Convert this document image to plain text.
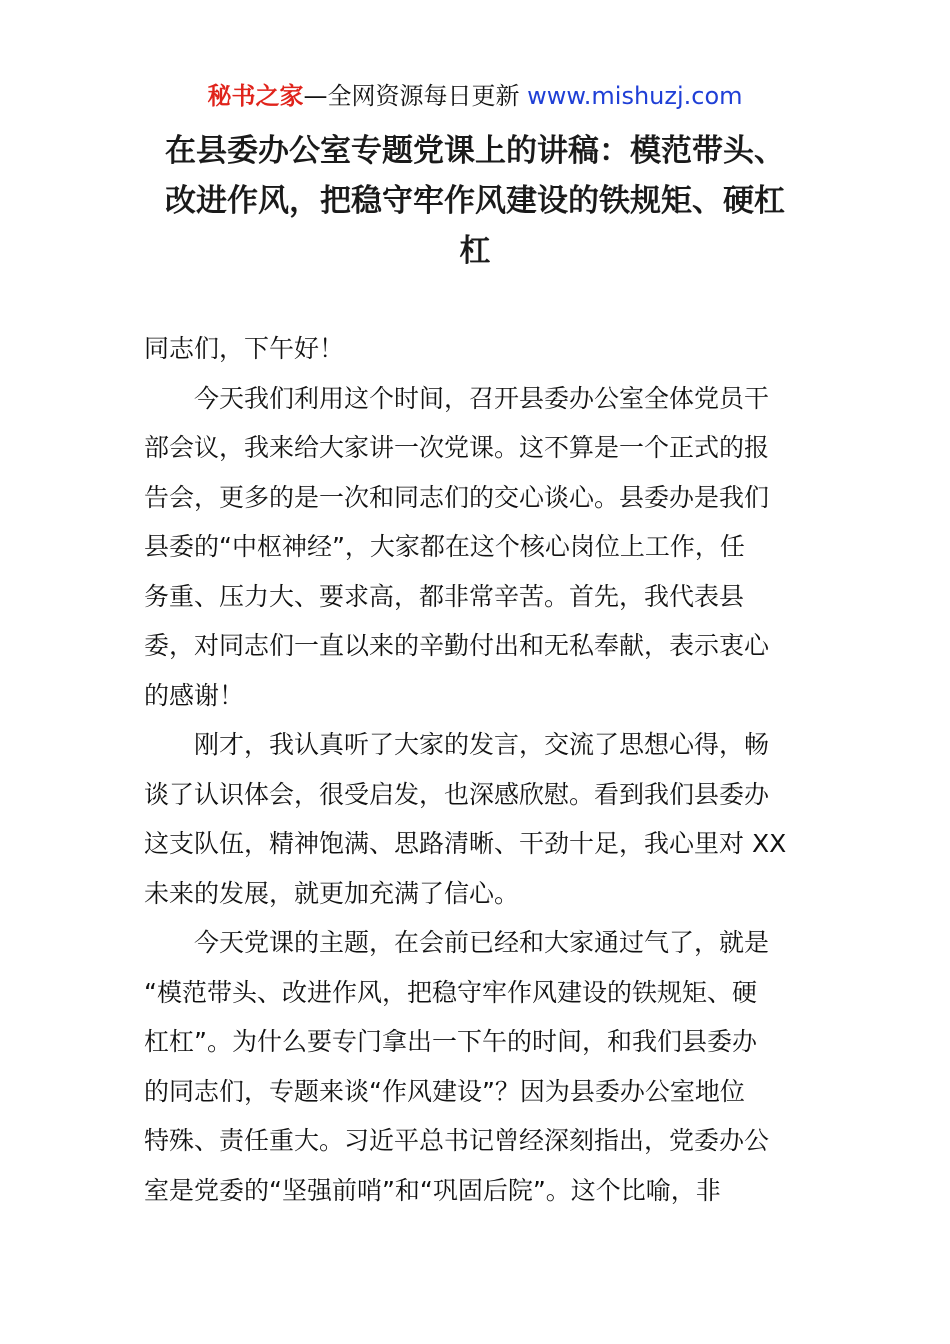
秘书之家—全网资源每日更新 www.mishuzj.com
在县委办公室专题党课上的讲稿：模范带头、
改进作风，把稳守牢作风建设的铁规矩、硬杠
杠
同志们，下午好！
今天我们利用这个时间，召开县委办公室全体党员干
部会议，我来给大家讲一次党课。这不算是一个正式的报
告会，更多的是一次和同志们的交心谈心。县委办是我们
县委的“中枢神经”，大家都在这个核心岗位上工作，任
务重、压力大、要求高，都非常辛苦。首先，我代表县
委，对同志们一直以来的辛勤付出和无私奉献，表示衷心
的感谢！
刚才，我认真听了大家的发言，交流了思想心得，畅
谈了认识体会，很受启发，也深感欣慰。看到我们县委办
这支队伍，精神饱满、思路清晰、干劲十足，我心里对 XX
未来的发展，就更加充满了信心。
今天党课的主题，在会前已经和大家通过气了，就是
“模范带头、改进作风，把稳守牢作风建设的铁规矩、硬
杠杠”。为什么要专门拿出一下午的时间，和我们县委办
的同志们，专题来谈“作风建设”？因为县委办公室地位
特殊、责任重大。习近平总书记曾经深刻指出，党委办公
室是党委的“坚强前哨”和“巩固后院”。这个比喻，非
